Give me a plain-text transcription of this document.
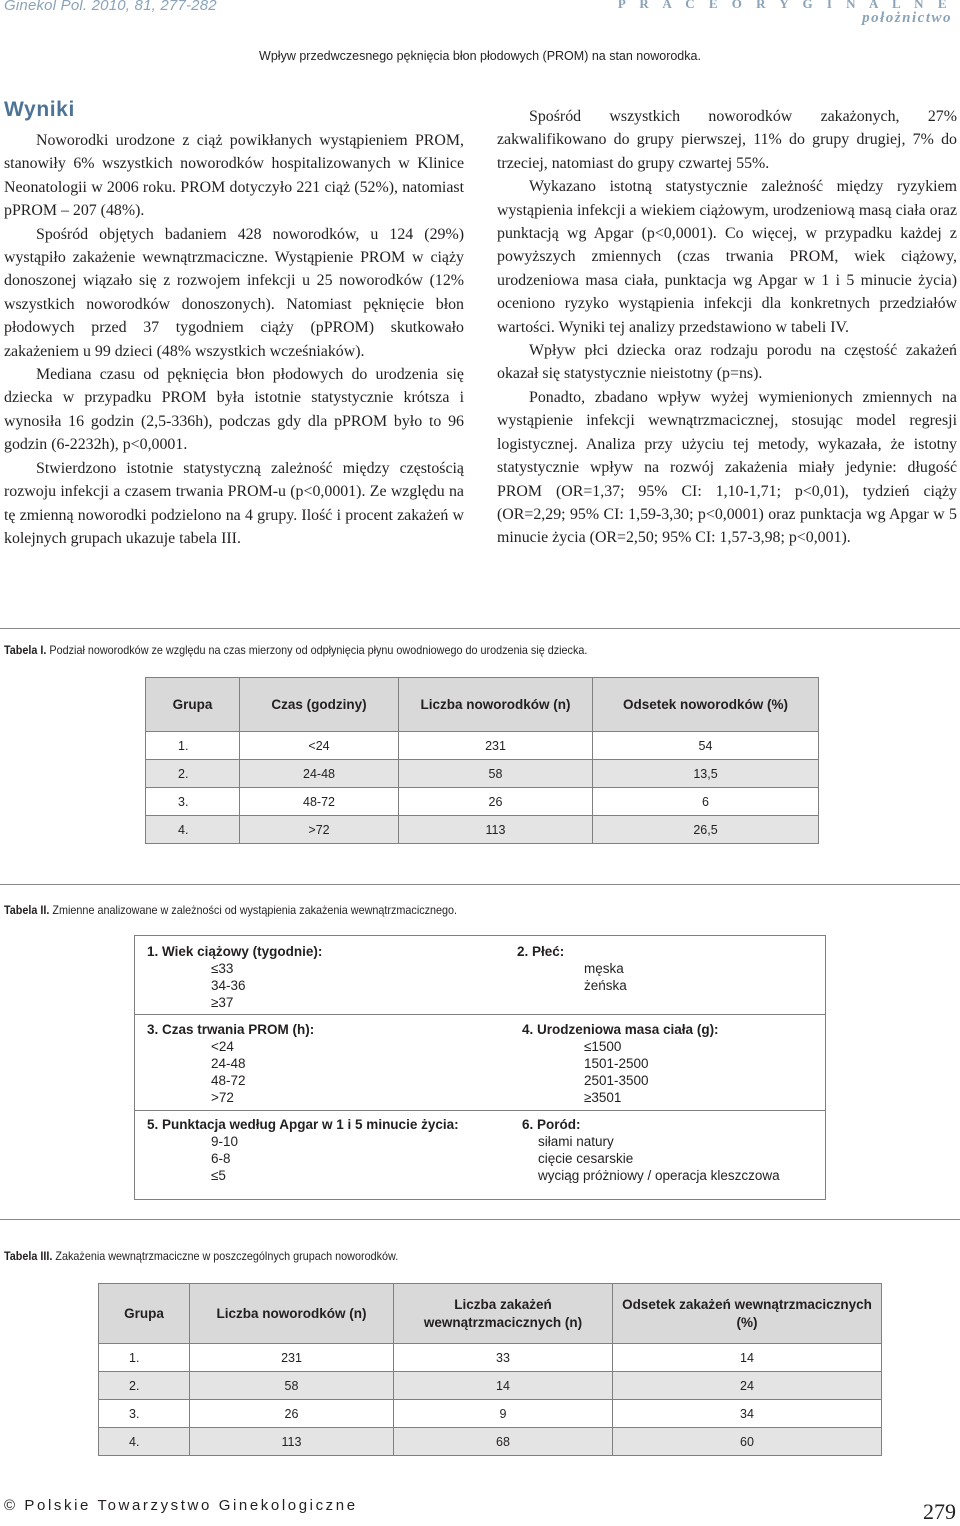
Ginekol Pol. 2010, 81, 277-282	P R A C E O R Y G I N A L N E
położnictwo
Wpływ przedwczesnego pęknięcia błon płodowych (PROM) na stan noworodka.
Wyniki

Noworodki urodzone z ciąż powikłanych wystąpieniem PROM, stanowiły 6% wszystkich noworodków hospitalizowanych w Klinice Neonatologii w 2006 roku. PROM dotyczyło 221 ciąż (52%), natomiast pPROM – 207 (48%).

Spośród objętych badaniem 428 noworodków, u 124 (29%) wystąpiło zakażenie wewnątrzmaciczne. Wystąpienie PROM w ciąży donoszonej wiązało się z rozwojem infekcji u 25 noworodków (12% wszystkich noworodków donoszonych). Natomiast pęknięcie błon płodowych przed 37 tygodniem ciąży (pPROM) skutkowało zakażeniem u 99 dzieci (48% wszystkich wcześniaków).

Mediana czasu od pęknięcia błon płodowych do urodzenia się dziecka w przypadku PROM była istotnie statystycznie krótsza i wynosiła 16 godzin (2,5-336h), podczas gdy dla pPROM było to 96 godzin (6-2232h), p<0,0001.

Stwierdzono istotnie statystyczną zależność między częstością rozwoju infekcji a czasem trwania PROM-u (p<0,0001). Ze względu na tę zmienną noworodki podzielono na 4 grupy. Ilość i procent zakażeń w kolejnych grupach ukazuje tabela III.

Spośród wszystkich noworodków zakażonych, 27% zakwalifikowano do grupy pierwszej, 11% do grupy drugiej, 7% do trzeciej, natomiast do grupy czwartej 55%.

Wykazano istotną statystycznie zależność między ryzykiem wystąpienia infekcji a wiekiem ciążowym, urodzeniową masą ciała oraz punktacją wg Apgar (p<0,0001). Co więcej, w przypadku każdej z powyższych zmiennych (czas trwania PROM, wiek ciążowy, urodzeniowa masa ciała, punktacja wg Apgar w 1 i 5 minucie życia) oceniono ryzyko wystąpienia infekcji dla konkretnych przedziałów wartości. Wyniki tej analizy przedstawiono w tabeli IV.

Wpływ płci dziecka oraz rodzaju porodu na częstość zakażeń okazał się statystycznie nieistotny (p=ns).

Ponadto, zbadano wpływ wyżej wymienionych zmiennych na wystąpienie infekcji wewnątrzmacicznej, stosując model regresji logistycznej. Analiza przy użyciu tej metody, wykazała, że istotny statystycznie wpływ na rozwój zakażenia miały jedynie: długość PROM (OR=1,37; 95% CI: 1,10-1,71; p<0,01), tydzień ciąży (OR=2,29; 95% CI: 1,59-3,30; p<0,0001) oraz punktacja wg Apgar w 5 minucie życia (OR=2,50; 95% CI: 1,57-3,98; p<0,001).

Tabela I. Podział noworodków ze względu na czas mierzony od odpłynięcia płynu owodniowego do urodzenia się dziecka.
Grupa	Czas (godziny)	Liczba noworodków (n)	Odsetek noworodków (%)
1.	<24	231	54
2.	24-48	58	13,5
3.	48-72	26	6
4.	>72	113	26,5
Tabela II. Zmienne analizowane w zależności od wystąpienia zakażenia wewnątrzmacicznego.
1. Wiek ciążowy (tygodnie):
≤33
34-36
≥37
2. Płeć:
męska
żeńska
3. Czas trwania PROM (h):
<24
24-48
48-72
>72
4. Urodzeniowa masa ciała (g):
≤1500
1501-2500
2501-3500
≥3501
5. Punktacja według Apgar w 1 i 5 minucie życia:
9-10
6-8
≤5
6. Poród:
siłami natury
cięcie cesarskie
wyciąg próżniowy / operacja kleszczowa
Tabela III. Zakażenia wewnątrzmaciczne w poszczególnych grupach noworodków.
Grupa	Liczba noworodków (n)	Liczba zakażeń wewnątrzmacicznych (n)	Odsetek zakażeń wewnątrzmacicznych (%)
1.	231	33	14
2.	58	14	24
3.	26	9	34
4.	113	68	60
© Polskie Towarzystwo Ginekologiczne	279
